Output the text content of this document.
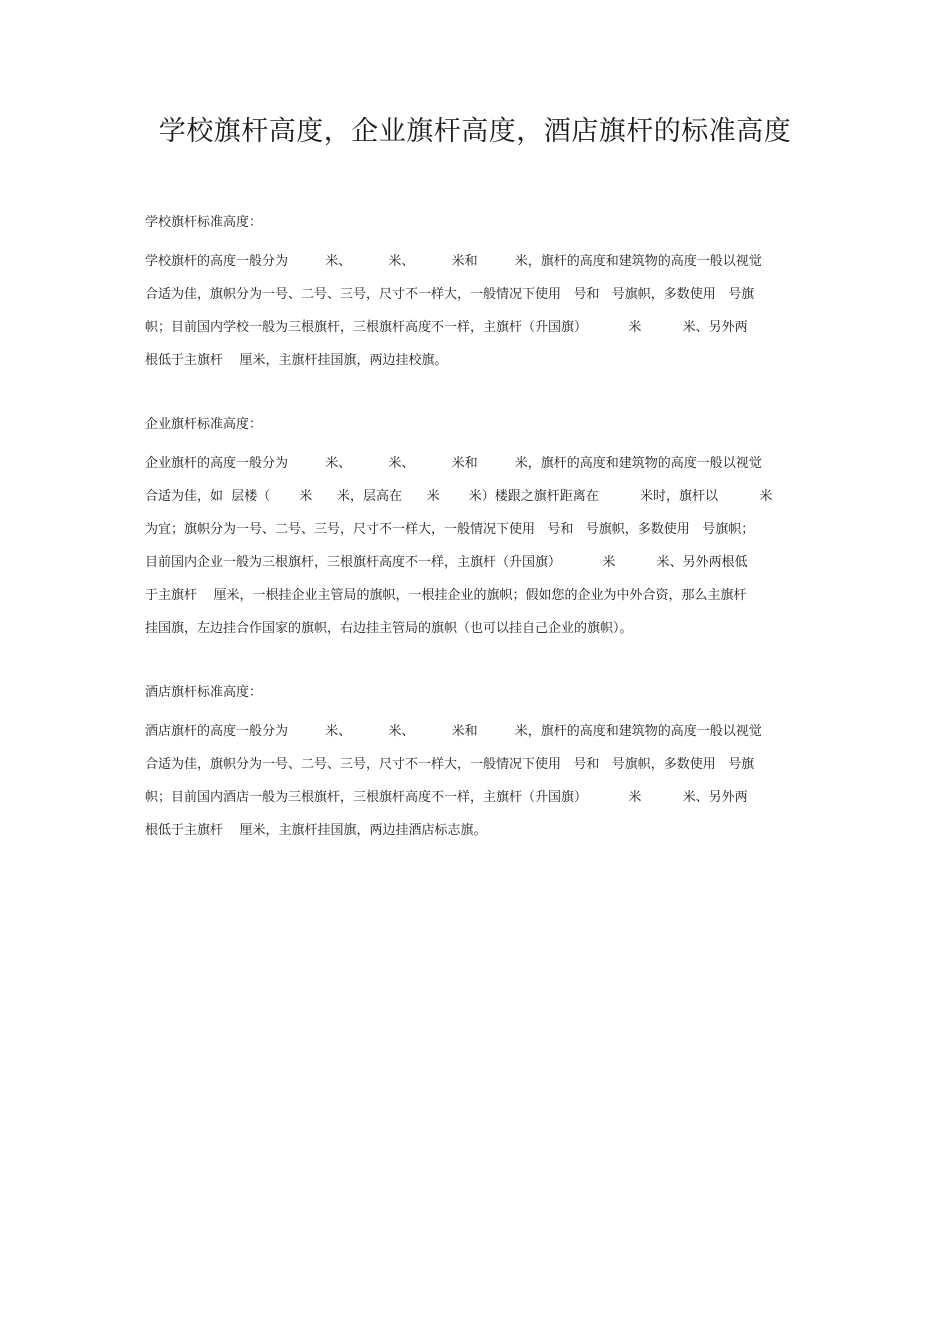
学校旗杆高度，企业旗杆高度，酒店旗杆的标准高度

学校旗杆标准高度：

学校旗杆的高度一般分为         米、         米、         米和         米，旗杆的高度和建筑物的高度一般以视觉

合适为佳，旗帜分为一号、二号、三号，尺寸不一样大，一般情况下使用   号和   号旗帜，多数使用   号旗

帜；目前国内学校一般为三根旗杆，三根旗杆高度不一样，主旗杆（升国旗）          米          米、另外两

根低于主旗杆    厘米，主旗杆挂国旗，两边挂校旗。

企业旗杆标准高度：

企业旗杆的高度一般分为         米、         米、         米和         米，旗杆的高度和建筑物的高度一般以视觉

合适为佳，如  层楼（       米      米，层高在      米       米）楼跟之旗杆距离在          米时，旗杆以          米

为宜；旗帜分为一号、二号、三号，尺寸不一样大，一般情况下使用   号和   号旗帜，多数使用   号旗帜；

目前国内企业一般为三根旗杆，三根旗杆高度不一样，主旗杆（升国旗）          米          米、另外两根低

于主旗杆    厘米，一根挂企业主管局的旗帜，一根挂企业的旗帜；假如您的企业为中外合资，那么主旗杆

挂国旗，左边挂合作国家的旗帜，右边挂主管局的旗帜（也可以挂自己企业的旗帜）。

酒店旗杆标准高度：

酒店旗杆的高度一般分为         米、         米、         米和         米，旗杆的高度和建筑物的高度一般以视觉

合适为佳，旗帜分为一号、二号、三号，尺寸不一样大，一般情况下使用   号和   号旗帜，多数使用   号旗

帜；目前国内酒店一般为三根旗杆，三根旗杆高度不一样，主旗杆（升国旗）          米          米、另外两

根低于主旗杆    厘米，主旗杆挂国旗，两边挂酒店标志旗。
